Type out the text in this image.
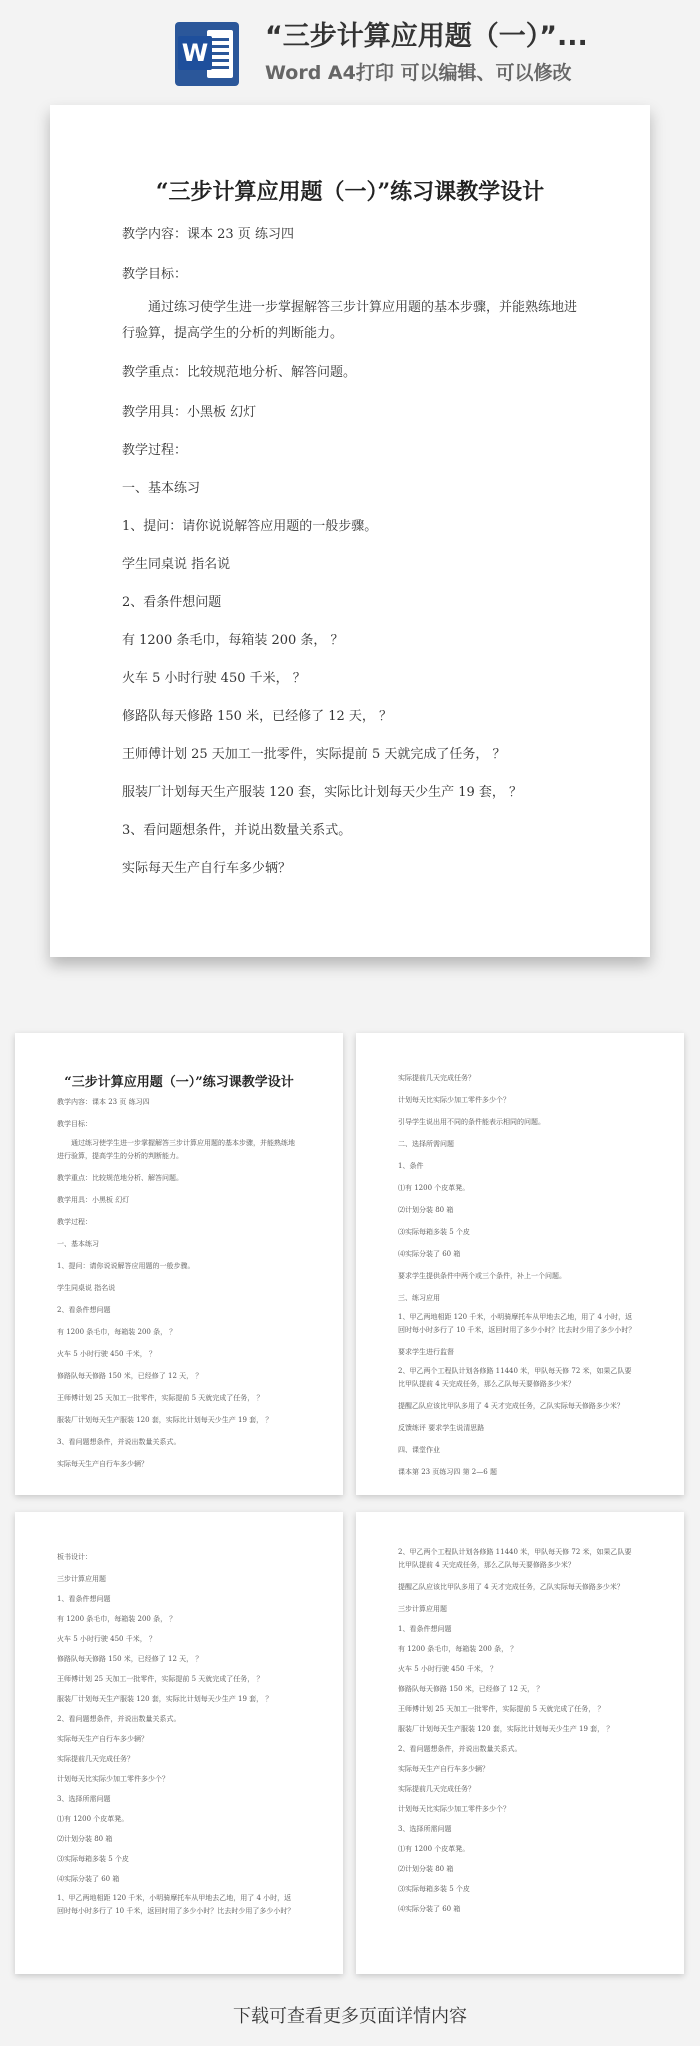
W
“三步计算应用题（一）”...
Word A4打印 可以编辑、可以修改
“三步计算应用题（一）”练习课教学设计
教学内容：课本 23 页 练习四
教学目标：
通过练习使学生进一步掌握解答三步计算应用题的基本步骤，并能熟练地进行验算，提高学生的分析的判断能力。
教学重点：比较规范地分析、解答问题。
教学用具：小黑板 幻灯
教学过程：
一、基本练习
1、提问：请你说说解答应用题的一般步骤。
学生同桌说 指名说
2、看条件想问题
有 1200 条毛巾，每箱装 200 条， ？
火车 5 小时行驶 450 千米， ？
修路队每天修路 150 米，已经修了 12 天， ？
王师傅计划 25 天加工一批零件，实际提前 5 天就完成了任务， ？
服装厂计划每天生产服装 120 套，实际比计划每天少生产 19 套， ？
3、看问题想条件，并说出数量关系式。
实际每天生产自行车多少辆？
“三步计算应用题（一）”练习课教学设计
教学内容：课本 23 页 练习四
教学目标：
通过练习使学生进一步掌握解答三步计算应用题的基本步骤，并能熟练地进行验算，提高学生的分析的判断能力。
教学重点：比较规范地分析、解答问题。
教学用具：小黑板 幻灯
教学过程：
一、基本练习
1、提问：请你说说解答应用题的一般步骤。
学生同桌说 指名说
2、看条件想问题
有 1200 条毛巾，每箱装 200 条， ？
火车 5 小时行驶 450 千米， ？
修路队每天修路 150 米，已经修了 12 天， ？
王师傅计划 25 天加工一批零件，实际提前 5 天就完成了任务， ？
服装厂计划每天生产服装 120 套，实际比计划每天少生产 19 套， ？
3、看问题想条件，并说出数量关系式。
实际每天生产自行车多少辆？
实际提前几天完成任务？
计划每天比实际少加工零件多少个？
引导学生说出用不同的条件能表示相同的问题。
二、选择所需问题
1、条件
⑴有 1200 个皮革凳。
⑵计划分装 80 箱
⑶实际每箱多装 5 个皮
⑷实际分装了 60 箱
要求学生提供条件中两个或三个条件，补上一个问题。
三、练习应用
1、甲乙两地相距 120 千米，小明骑摩托车从甲地去乙地，用了 4 小时，返回时每小时多行了 10 千米，返回时用了多少小时？比去时少用了多少小时？
要求学生进行监督
2、甲乙两个工程队计划各修路 11440 米，甲队每天修 72 米，如果乙队要比甲队提前 4 天完成任务，那么乙队每天要修路多少米？
提醒乙队应该比甲队多用了 4 天才完成任务，乙队实际每天修路多少米？
反馈练评 要求学生说清思路
四、课堂作业
课本第 23 页练习四 第 2—6 题
板书设计：
三步计算应用题
1、看条件想问题
有 1200 条毛巾，每箱装 200 条， ？
火车 5 小时行驶 450 千米， ？
修路队每天修路 150 米，已经修了 12 天， ？
王师傅计划 25 天加工一批零件，实际提前 5 天就完成了任务， ？
服装厂计划每天生产服装 120 套，实际比计划每天少生产 19 套， ？
2、看问题想条件，并说出数量关系式。
实际每天生产自行车多少辆？
实际提前几天完成任务？
计划每天比实际少加工零件多少个？
3、选择所需问题
⑴有 1200 个皮革凳。
⑵计划分装 80 箱
⑶实际每箱多装 5 个皮
⑷实际分装了 60 箱
1、甲乙两地相距 120 千米，小明骑摩托车从甲地去乙地，用了 4 小时，返回时每小时多行了 10 千米，返回时用了多少小时？比去时少用了多少小时？
2、甲乙两个工程队计划各修路 11440 米，甲队每天修 72 米，如果乙队要比甲队提前 4 天完成任务，那么乙队每天要修路多少米？
提醒乙队应该比甲队多用了 4 天才完成任务，乙队实际每天修路多少米？
三步计算应用题
1、看条件想问题
有 1200 条毛巾，每箱装 200 条， ？
火车 5 小时行驶 450 千米， ？
修路队每天修路 150 米，已经修了 12 天， ？
王师傅计划 25 天加工一批零件，实际提前 5 天就完成了任务， ？
服装厂计划每天生产服装 120 套，实际比计划每天少生产 19 套， ？
2、看问题想条件，并说出数量关系式。
实际每天生产自行车多少辆？
实际提前几天完成任务？
计划每天比实际少加工零件多少个？
3、选择所需问题
⑴有 1200 个皮革凳。
⑵计划分装 80 箱
⑶实际每箱多装 5 个皮
⑷实际分装了 60 箱
下载可查看更多页面详情内容
